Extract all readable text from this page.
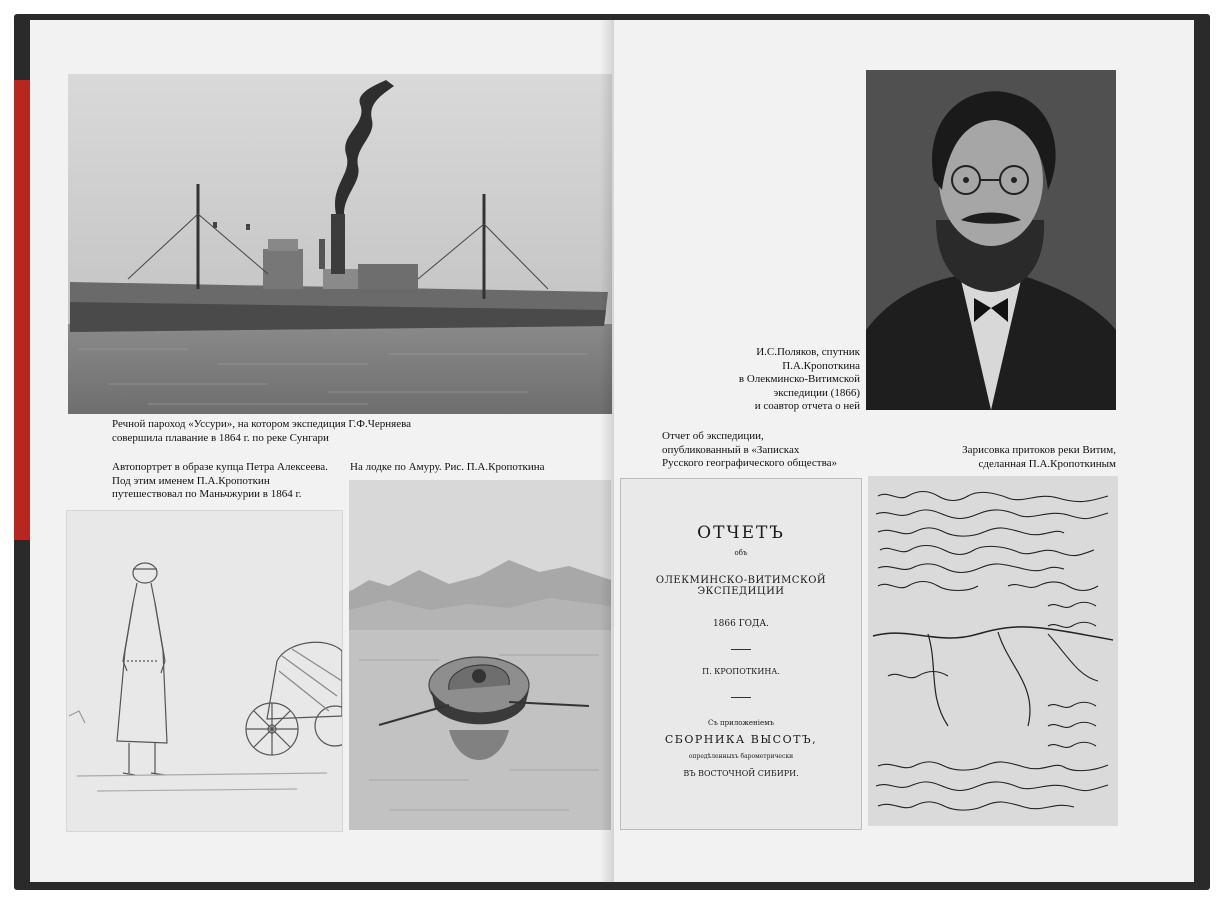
Речной пароход «Уссури», на котором экспедиция Г.Ф.Черняева
совершила плавание в 1864 г. по реке Сунгари
Автопортрет в образе купца Петра Алексеева.
Под этим именем П.А.Кропоткин
путешествовал по Маньчжурии в 1864 г.
На лодке по Амуру. Рис. П.А.Кропоткина
И.С.Поляков, спутник
П.А.Кропоткина
в Олекминско-Витимской
экспедиции (1866)
и соавтор отчета о ней
Отчет об экспедиции,
опубликованный в «Записках
Русского географического общества»
Зарисовка притоков реки Витим,
сделанная П.А.Кропоткиным
ОТЧЕТЪ
объ
ОЛЕКМИНСКО-ВИТИМСКОЙ ЭКСПЕДИЦИИ
1866 ГОДА.
П. КРОПОТКИНА.
Съ приложенiемъ
СБОРНИКА ВЫСОТЪ,
опредѣленныхъ барометрически
ВЪ ВОСТОЧНОЙ СИБИРИ.
